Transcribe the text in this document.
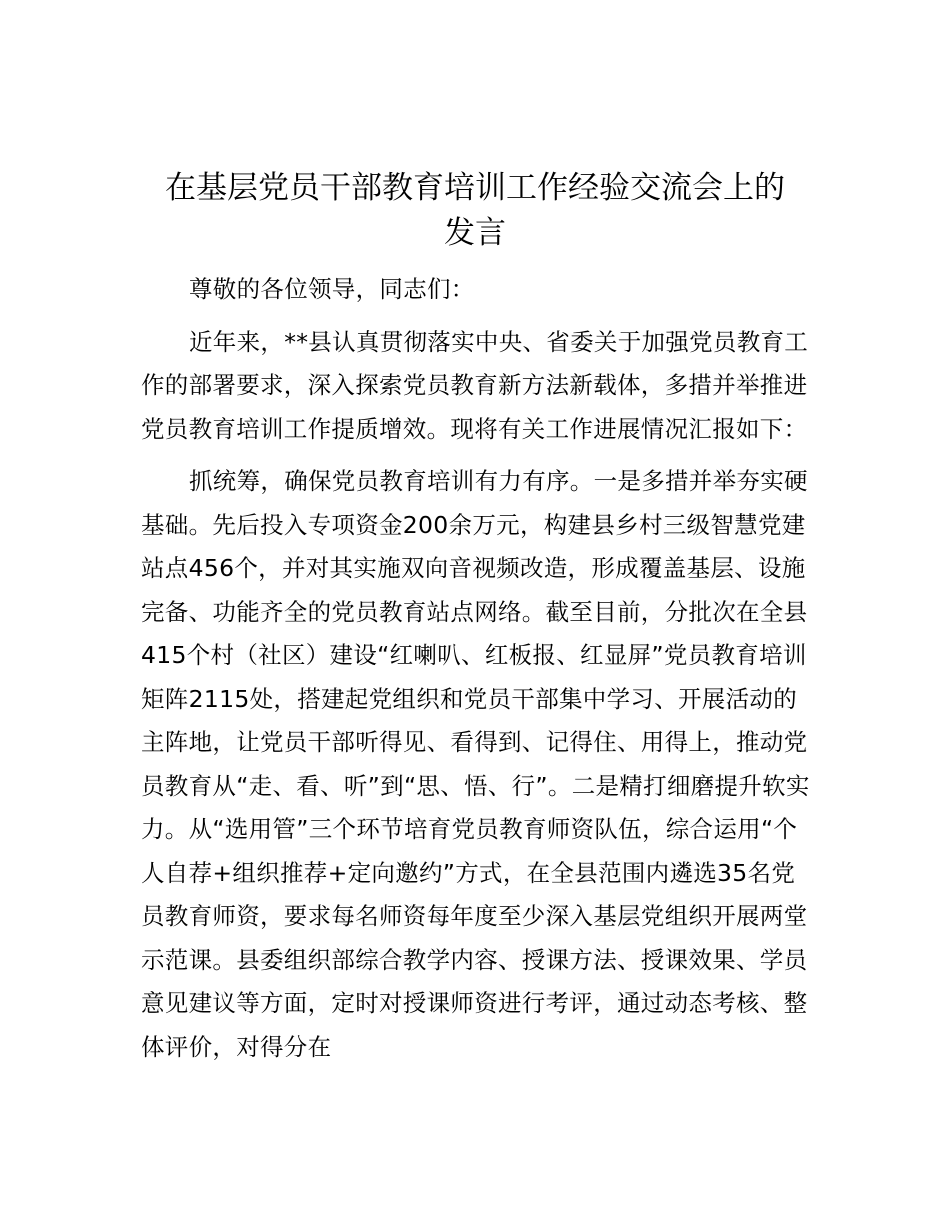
在基层党员干部教育培训工作经验交流会上的
发言

尊敬的各位领导，同志们：

近年来，**县认真贯彻落实中央、省委关于加强党员教育工作的部署要求，深入探索党员教育新方法新载体，多措并举推进党员教育培训工作提质增效。现将有关工作进展情况汇报如下：

抓统筹，确保党员教育培训有力有序。一是多措并举夯实硬基础。先后投入专项资金200余万元，构建县乡村三级智慧党建站点456个，并对其实施双向音视频改造，形成覆盖基层、设施完备、功能齐全的党员教育站点网络。截至目前，分批次在全县415个村（社区）建设“红喇叭、红板报、红显屏”党员教育培训矩阵2115处，搭建起党组织和党员干部集中学习、开展活动的主阵地，让党员干部听得见、看得到、记得住、用得上，推动党员教育从“走、看、听”到“思、悟、行”。二是精打细磨提升软实力。从“选用管”三个环节培育党员教育师资队伍，综合运用“个人自荐+组织推荐+定向邀约”方式，在全县范围内遴选35名党员教育师资，要求每名师资每年度至少深入基层党组织开展两堂示范课。县委组织部综合教学内容、授课方法、授课效果、学员意见建议等方面，定时对授课师资进行考评，通过动态考核、整体评价，对得分在
